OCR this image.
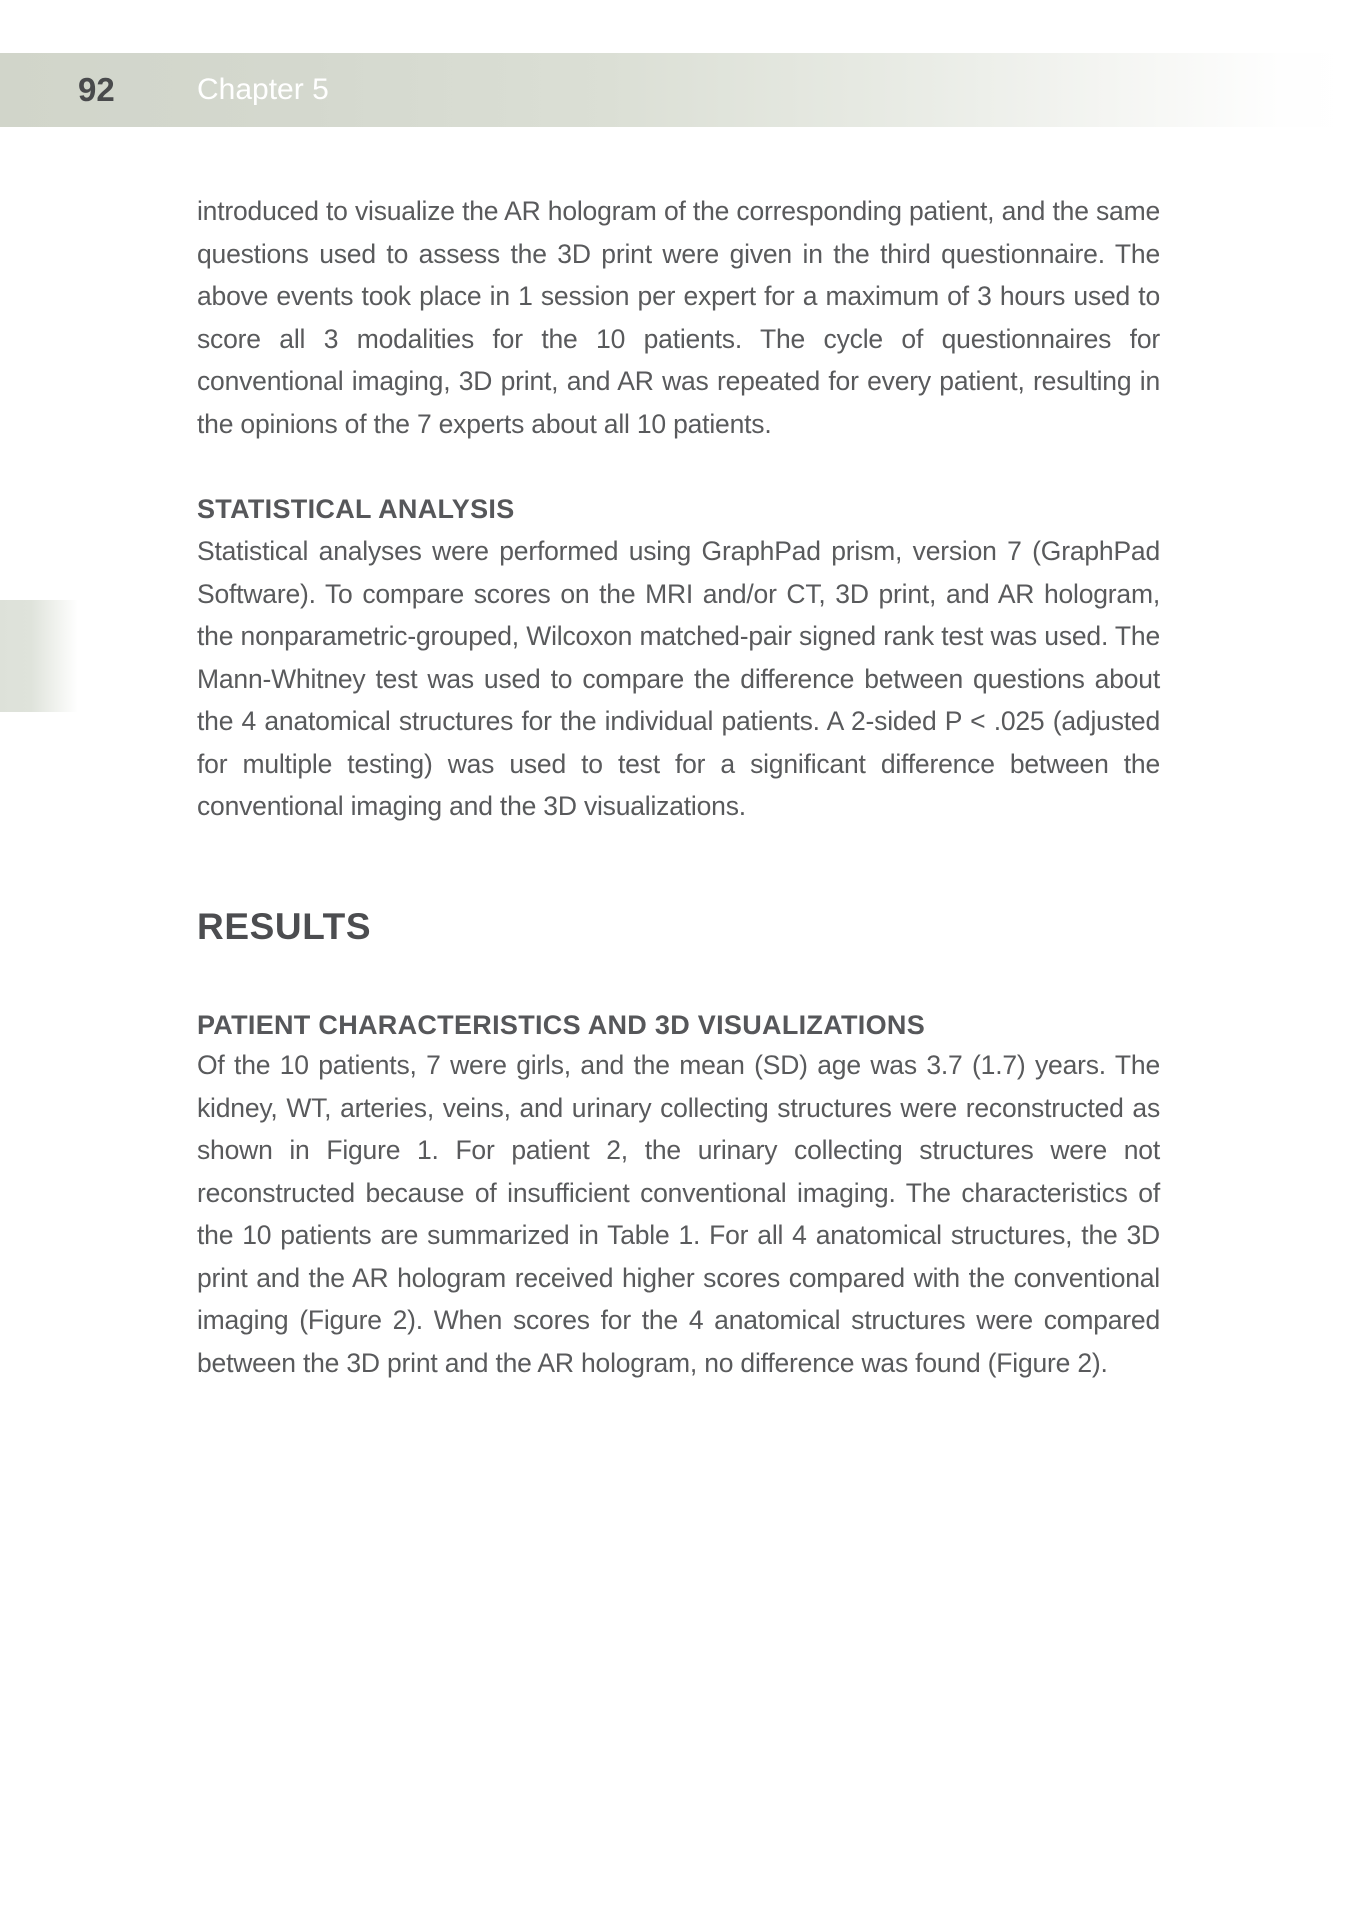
92	Chapter 5

introduced to visualize the AR hologram of the corresponding patient, and the same questions used to assess the 3D print were given in the third questionnaire. The above events took place in 1 session per expert for a maximum of 3 hours used to score all 3 modalities for the 10 patients. The cycle of questionnaires for conventional imaging, 3D print, and AR was repeated for every patient, resulting in the opinions of the 7 experts about all 10 patients.

STATISTICAL ANALYSIS

Statistical analyses were performed using GraphPad prism, version 7 (GraphPad Software). To compare scores on the MRI and/or CT, 3D print, and AR hologram, the nonparametric-grouped, Wilcoxon matched-pair signed rank test was used. The Mann-Whitney test was used to compare the difference between questions about the 4 anatomical structures for the individual patients. A 2-sided P < .025 (adjusted for multiple testing) was used to test for a significant difference between the conventional imaging and the 3D visualizations.

RESULTS
PATIENT CHARACTERISTICS AND 3D VISUALIZATIONS

Of the 10 patients, 7 were girls, and the mean (SD) age was 3.7 (1.7) years. The kidney, WT, arteries, veins, and urinary collecting structures were reconstructed as shown in Figure 1. For patient 2, the urinary collecting structures were not reconstructed because of insufficient conventional imaging. The characteristics of the 10 patients are summarized in Table 1. For all 4 anatomical structures, the 3D print and the AR hologram received higher scores compared with the conventional imaging (Figure 2). When scores for the 4 anatomical structures were compared between the 3D print and the AR hologram, no difference was found (Figure 2).
